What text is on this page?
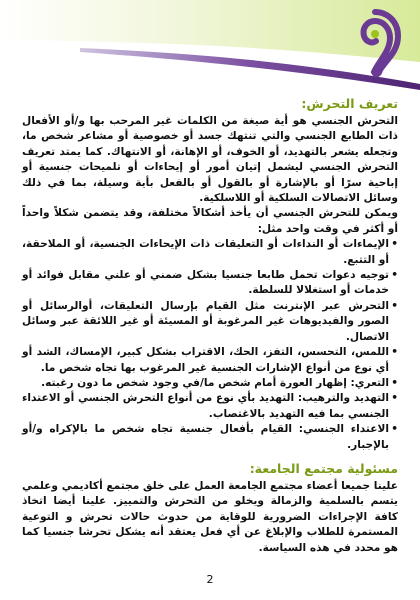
تعريف التحرش:

التحرش الجنسي هو أية صيغة من الكلمات غير المرحب بها و/أو الأفعال ذات الطابع الجنسي والتي تنتهك جسد أو خصوصية أو مشاعر شخص ما، وتجعله يشعر بالتهديد، أو الخوف، أو الإهانة، أو الانتهاك. كما يمتد تعريف التحرش الجنسي ليشمل إتيان أمور أو إيحاءات أو تلميحات جنسية أو إباحية سرًا أو بالإشارة أو بالقول أو بالفعل بأية وسيلة، بما في ذلك وسائل الاتصالات السلكية أو اللاسلكية.

ويمكن للتحرش الجنسي أن يأخذ أشكالاً مختلفة، وقد يتضمن شكلاً واحداً أو أكثر في وقت واحد مثل:

• الإيماءات أو النداءات أو التعليقات ذات الإيحاءات الجنسية، أو الملاحقة، أو التتبع.
• توجيه دعوات تحمل طابعا جنسيا بشكل ضمني أو علني مقابل فوائد أو خدمات أو استغلالا للسلطة.
• التحرش عبر الإنترنت مثل القيام بإرسال التعليقات، أوالرسائل أو الصور والفيديوهات غير المرغوبة أو المسيئة أو غير اللائقة عبر وسائل الاتصال.
• اللمس، التحسس، التفز، الحك، الاقتراب بشكل كبير، الإمساك، الشد أو أي نوع من أنواع الإشارات الجنسية غير المرغوب بها تجاه شخص ما.
• التعري: إظهار العورة أمام شخص ما/في وجود شخص ما دون رغبته.
• التهديد والترهيب: التهديد بأي نوع من أنواع التحرش الجنسي أو الاعتداء الجنسي بما فيه التهديد بالاغتصاب.
• الاعتداء الجنسي: القيام بأفعال جنسية تجاه شخص ما بالإكراه و/أو بالإجبار.
مسئولية مجتمع الجامعة:

علينا جميعا أعضاء مجتمع الجامعة العمل على خلق مجتمع أكاديمي وعلمي يتسم بالسلمية والزمالة ويخلو من التحرش والتمييز. علينا أيضا اتخاذ كافة الإجراءات الضرورية للوقاية من حدوث حالات تحرش و التوعية المستمرة للطلاب والإبلاغ عن أي فعل يعتقد أنه يشكل تحرشا جنسيا كما هو محدد في هذه السياسة.

2
